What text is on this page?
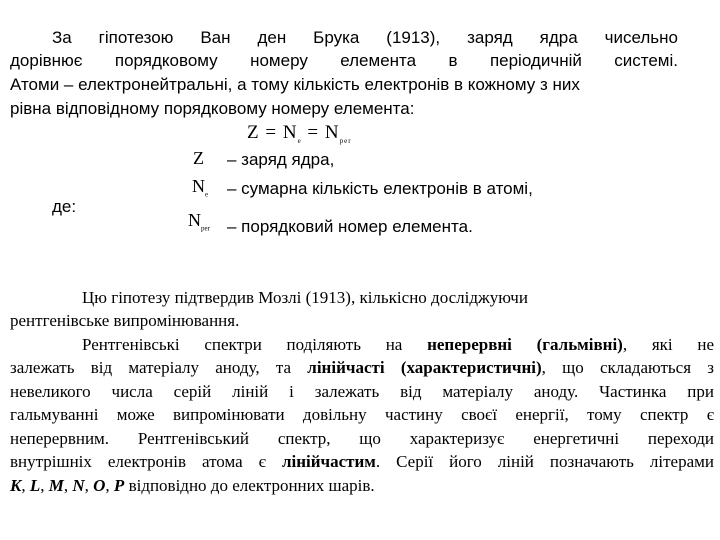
За гіпотезою Ван ден Брука (1913), заряд ядра чисельно
дорівнює порядковому номеру елемента в періодичній системі.
Атоми – електронейтральні, а тому кількість електронів в кожному з них
рівна відповідному порядковому номеру елемента:
$Z = N_e = N_{per}$
Z – заряд ядра,
$N_e$ – сумарна кількість електронів в атомі,
де:
$N_{per}$ – порядковий номер елемента.
Цю гіпотезу підтвердив Мозлі (1913), кількісно досліджуючи
рентгенівське випромінювання.
Рентгенівські спектри поділяють на неперервні (гальмівні), які не
залежать від матеріалу аноду, та лінійчасті (характеристичні), що складаються з
невеликого числа серій ліній і залежать від матеріалу аноду. Частинка при
гальмуванні може випромінювати довільну частину своєї енергії, тому спектр є
неперервним. Рентгенівський спектр, що характеризує енергетичні переходи
внутрішніх електронів атома є лінійчастим. Серії його ліній позначають літерами
K, L, M, N, O, P відповідно до електронних шарів.
